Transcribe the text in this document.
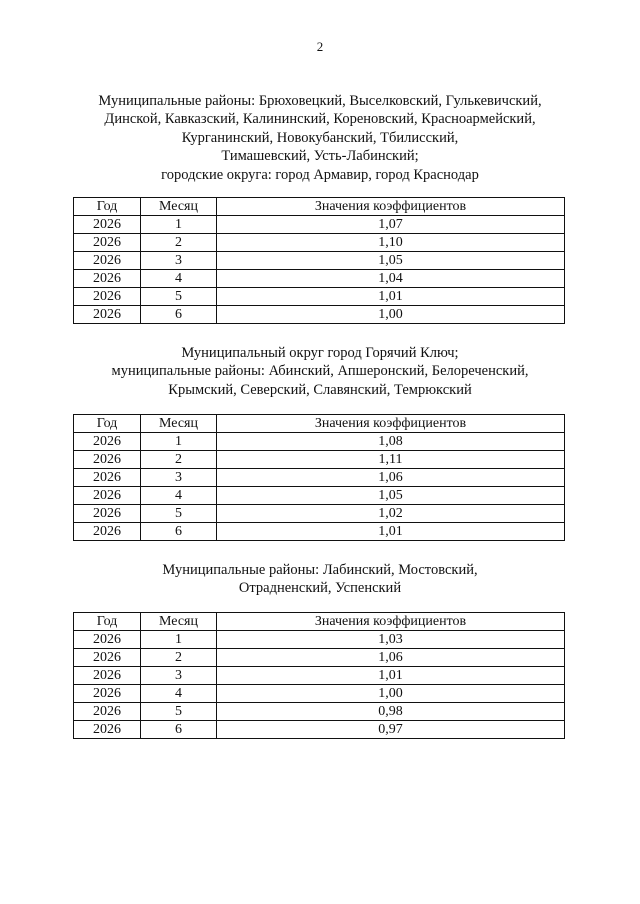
2
Муниципальные районы: Брюховецкий, Выселковский, Гулькевичский,
Динской, Кавказский, Калининский, Кореновский, Красноармейский,
Курганинский, Новокубанский, Тбилисский,
Тимашевский, Усть-Лабинский;
городские округа: город Армавир, город Краснодар
Год	Месяц	Значения коэффициентов
2026	1	1,07
2026	2	1,10
2026	3	1,05
2026	4	1,04
2026	5	1,01
2026	6	1,00
Муниципальный округ город Горячий Ключ;
муниципальные районы: Абинский, Апшеронский, Белореченский,
Крымский, Северский, Славянский, Темрюкский
Год	Месяц	Значения коэффициентов
2026	1	1,08
2026	2	1,11
2026	3	1,06
2026	4	1,05
2026	5	1,02
2026	6	1,01
Муниципальные районы: Лабинский, Мостовский,
Отрадненский, Успенский
Год	Месяц	Значения коэффициентов
2026	1	1,03
2026	2	1,06
2026	3	1,01
2026	4	1,00
2026	5	0,98
2026	6	0,97
